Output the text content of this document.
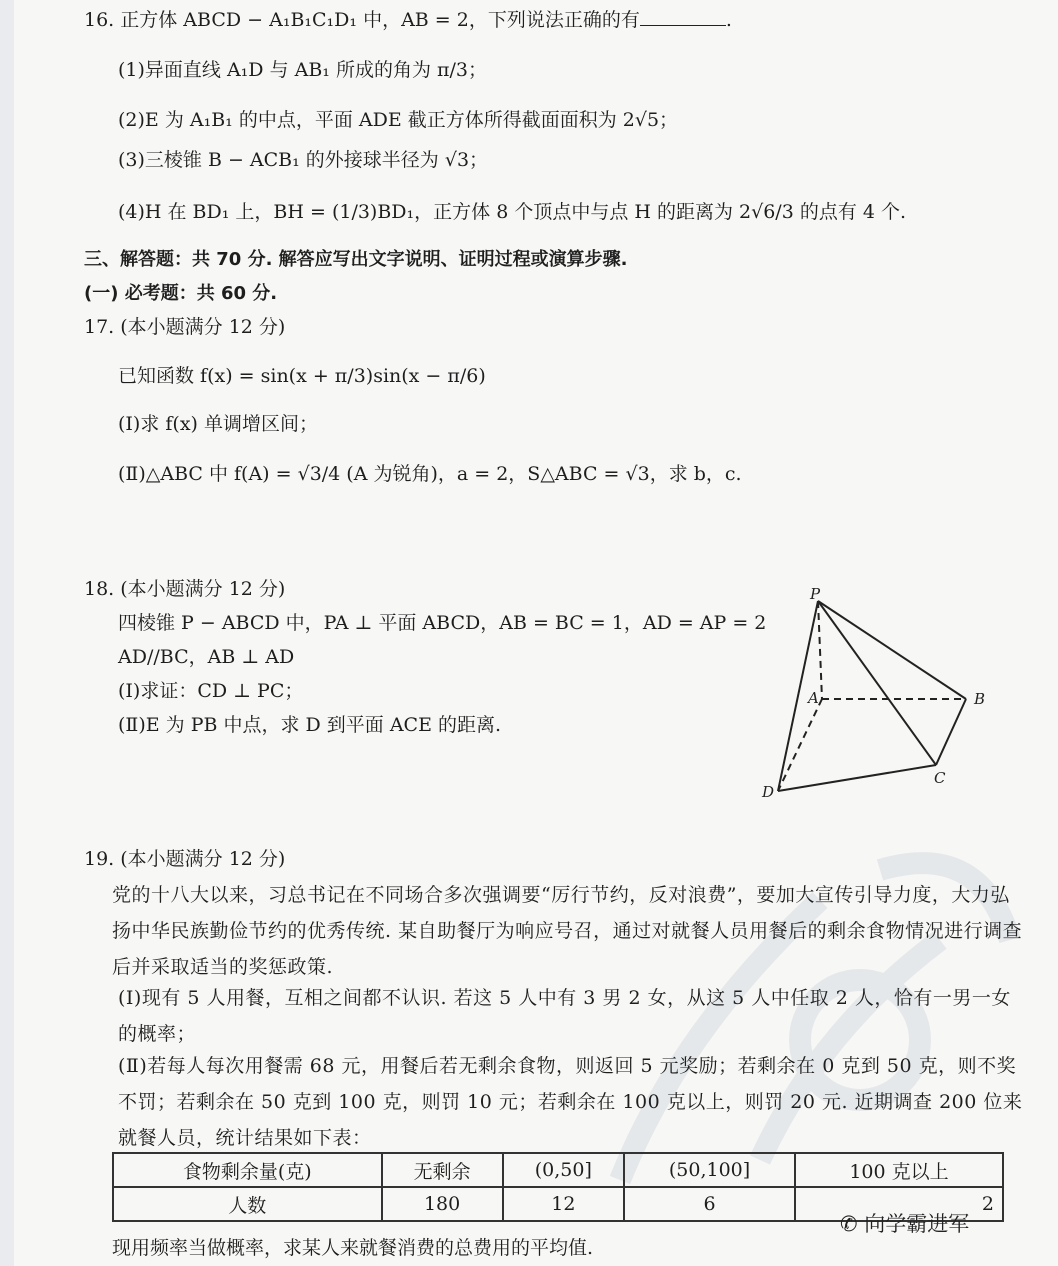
16. 正方体 ABCD − A₁B₁C₁D₁ 中，AB = 2，下列说法正确的有	.
(1)异面直线 A₁D 与 AB₁ 所成的角为 π/3；
(2)E 为 A₁B₁ 的中点，平面 ADE 截正方体所得截面面积为 2√5；
(3)三棱锥 B − ACB₁ 的外接球半径为 √3；
(4)H 在 BD₁ 上，BH = (1/3)BD₁，正方体 8 个顶点中与点 H 的距离为 2√6/3 的点有 4 个.
三、解答题：共 70 分. 解答应写出文字说明、证明过程或演算步骤.
(一) 必考题：共 60 分.
17. (本小题满分 12 分)
已知函数 f(x) = sin(x + π/3)sin(x − π/6)
(Ⅰ)求 f(x) 单调增区间；
(Ⅱ)△ABC 中 f(A) = √3/4 (A 为锐角)，a = 2，S△ABC = √3，求 b，c.
18. (本小题满分 12 分)
四棱锥 P − ABCD 中，PA ⊥ 平面 ABCD，AB = BC = 1，AD = AP = 2
AD//BC，AB ⊥ AD
(Ⅰ)求证：CD ⊥ PC；
(Ⅱ)E 为 PB 中点，求 D 到平面 ACE 的距离.
P
A	B
C
D
19. (本小题满分 12 分)
党的十八大以来，习总书记在不同场合多次强调要“厉行节约，反对浪费”，要加大宣传引导力度，大力弘扬中华民族勤俭节约的优秀传统. 某自助餐厅为响应号召，通过对就餐人员用餐后的剩余食物情况进行调查后并采取适当的奖惩政策.
(Ⅰ)现有 5 人用餐，互相之间都不认识. 若这 5 人中有 3 男 2 女，从这 5 人中任取 2 人，恰有一男一女的概率；
(Ⅱ)若每人每次用餐需 68 元，用餐后若无剩余食物，则返回 5 元奖励；若剩余在 0 克到 50 克，则不奖不罚；若剩余在 50 克到 100 克，则罚 10 元；若剩余在 100 克以上，则罚 20 元. 近期调查 200 位来就餐人员，统计结果如下表：
食物剩余量(克)	无剩余	(0,50]	(50,100]	100 克以上
人数	180	12	6	2
现用频率当做概率，求某人来就餐消费的总费用的平均值.
✆ 向学霸进军
